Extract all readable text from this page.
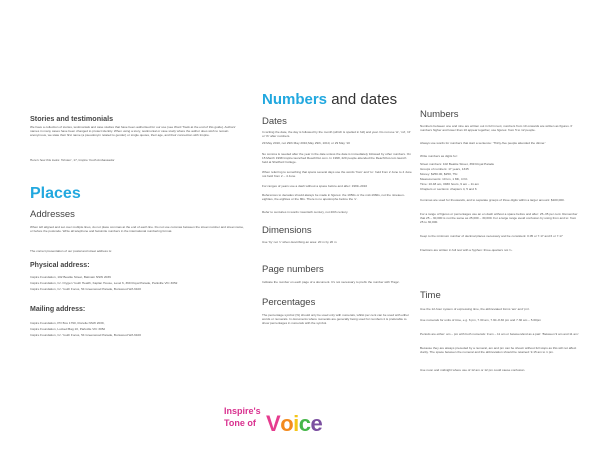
Stories and testimonials
We have a collection of stories, testimonials and case studies that have been authorised for our use (see Word Track at the end of this guide). Authors' names in many cases have been changed to protect identity. When using a story, testimonial or case study where the author does wish to remain anonymous, we state their first name (a pseudonym related to gender) or single quotes, their age, and their connection with Inspire.
Here's how this looks: 'Kristen', 17, Inspire Youth Ambassador
Places
Addresses
When left aligned and set over multiple lines, do not place commas at the end of each line. Do not use commas between the street number and street name, or before the postcode. Write all telephone and facsimile numbers in the international numbering format.
The correct presentation of our postal and street address is:
Physical address:
Inspire Foundation, 102 Beattie Street, Balmain NSW 2039
Inspire Foundation, C/- Orygen Youth Health, Kaplan House, Level 6, 369 Royal Parade, Parkville VIC 3052
Inspire Foundation, C/- Youth Focus, 54 Greenwood Parade, Burswood WA 6100
Mailing address:
Inspire Foundation, PO Box 1790, Rozelle NSW 2039,
Inspire Foundation, Locked Bag 10, Parkville VIC 3052
Inspire Foundation, C/- Youth Focus, 54 Greenwood Parade, Burswood WA 6100
Numbers and dates
Dates
In writing the date, the day is followed by the month (which is spelled in full) and year. Do not use 'st', 'nd', 'rd' or 'th' after numbers.
29 May 2010, not 29th May 2010,May 29th, 1010, or 29 May '10
No comma is needed after the year in the date unless the date is immediately followed by other numbers. On 15 March 1998 Inspire launched ReachOut.com. In 1998, 220 people attended the ReachOut.com launch held at Shellford College.
When referring to something that spans several days use the words 'from' and 'to'. held from 2 June to 4 June not held from 2 – 4 June
For ranges of years use a dash without a space before and after: 1999–2010
References to decades should always be made in figures: the 1950s or the mid-1960s, not the nineteen-eighties, the eighties or the 80s. There is no apostrophe before the 's'.
Refer to centuries in words: twentieth century, not 20th century.
Dimensions
Use 'by' not 'x' when describing an area: 20 m by 20 m
Page numbers
Indicate the number on each page of a document. It's not necessary to prefix the number with 'Page'.
Percentages
The percentage symbol (%) should only be used only with numerals, whilst per cent can be used with either words or numerals. In documents where numerals are generally being used for numbers it is preferable to show percentages in numerals with the symbol.
Numbers
Numbers between one and nine are written out in full in text, numbers from 10 onwards are written as figures. If numbers higher and lower than 10 appear together, use figures: from 5 to 12 people.
Always use words for numbers that start a sentence: 'Thirty-five people attended the dinner.'
Write numbers as digits for:
Street numbers: 102 Beattie Street, 369 Royal Parade
Groups of numbers: 17 years, 1345
Money: $250.00, $250, 75c
Measurements: 10 km, 1 Mb, 4 Kb
Time: 10.48 am, 0930 hours, 9 am – 11 am
Chapters or sections: chapters 4, 5 and 6
Commas are used for thousands, and to separate groups of three digits within a larger amount: $100,000.
For a range of figures or percentages use an en dash without a space before and after: 25–35 per cent. Remember that 25 – 30,000 is not the same as 25,000 – 30,000. For a large range avoid confusion by using from and to: from 25 to 30,000.
Keep to the minimum number of decimal places necessary and be consistent: 0.05 or 7.17 and 6 or 7.17
Fractions are written in full text with a hyphen: three-quarters not ¾.
Time
Use the 12-hour system of expressing time, the abbreviated forms 'am' and 'pm'.
Use numerals for units of time, e.g. 6 pm, 7.30 am, 7.30–8.30 pm and 7.30 am – 5.00pm
Periods are either: am – pm with both numerals: 9 am – 11 am or between/and as a pair: 'Between 9 am and 11 am.'
Because they are always preceded by a numeral, am and pm can be shown without full stops as this will not affect clarity. The space between the numeral and the abbreviation should be retained: 9.15 am to 1 pm.
Use noon and midnight where use of 12 am or 12 pm could cause confusion.
Inspire's
Tone of Voice
